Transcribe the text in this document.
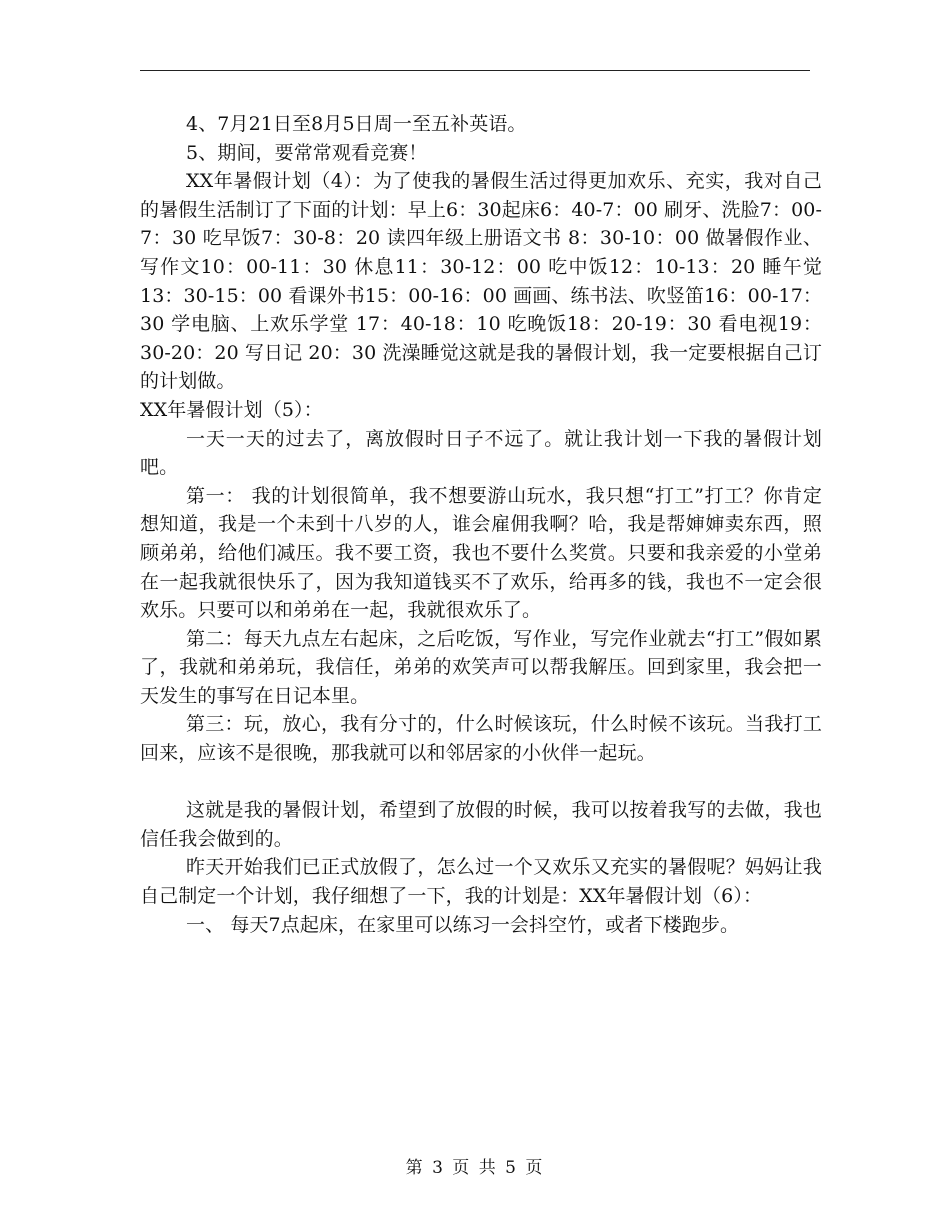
4、7月21日至8月5日周一至五补英语。

5、期间，要常常观看竞赛！

XX年暑假计划（4）：为了使我的暑假生活过得更加欢乐、充实，我对自己的暑假生活制订了下面的计划：早上6：30起床6：40-7：00 刷牙、洗脸7：00-7：30 吃早饭7：30-8：20 读四年级上册语文书 8：30-10：00 做暑假作业、写作文10：00-11：30 休息11：30-12：00 吃中饭12：10-13：20 睡午觉13：30-15：00 看课外书15：00-16：00 画画、练书法、吹竖笛16：00-17：30 学电脑、上欢乐学堂 17：40-18：10 吃晚饭18：20-19：30 看电视19：30-20：20 写日记 20：30 洗澡睡觉这就是我的暑假计划，我一定要根据自己订的计划做。

XX年暑假计划（5）：

一天一天的过去了，离放假时日子不远了。就让我计划一下我的暑假计划吧。

第一： 我的计划很简单，我不想要游山玩水，我只想“打工”打工？你肯定想知道，我是一个未到十八岁的人，谁会雇佣我啊？哈，我是帮婶婶卖东西，照顾弟弟，给他们减压。我不要工资，我也不要什么奖赏。只要和我亲爱的小堂弟在一起我就很快乐了，因为我知道钱买不了欢乐，给再多的钱，我也不一定会很欢乐。只要可以和弟弟在一起，我就很欢乐了。

第二：每天九点左右起床，之后吃饭，写作业，写完作业就去“打工”假如累了，我就和弟弟玩，我信任，弟弟的欢笑声可以帮我解压。回到家里，我会把一天发生的事写在日记本里。

第三：玩，放心，我有分寸的，什么时候该玩，什么时候不该玩。当我打工回来，应该不是很晚，那我就可以和邻居家的小伙伴一起玩。

这就是我的暑假计划，希望到了放假的时候，我可以按着我写的去做，我也信任我会做到的。

昨天开始我们已正式放假了，怎么过一个又欢乐又充实的暑假呢？妈妈让我自己制定一个计划，我仔细想了一下，我的计划是：XX年暑假计划（6）：

一、 每天7点起床，在家里可以练习一会抖空竹，或者下楼跑步。

第 3 页 共 5 页
